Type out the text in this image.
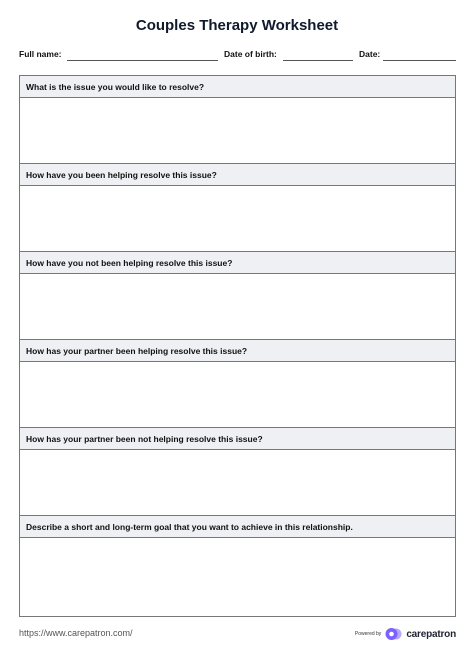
Couples Therapy Worksheet
Full name:	Date of birth:	Date:
What is the issue you would like to resolve?
How have you been helping resolve this issue?
How have you not been helping resolve this issue?
How has your partner been helping resolve this issue?
How has your partner been not helping resolve this issue?
Describe a short and long-term goal that you want to achieve in this relationship.
https://www.carepatron.com/	Powered by	carepatron
